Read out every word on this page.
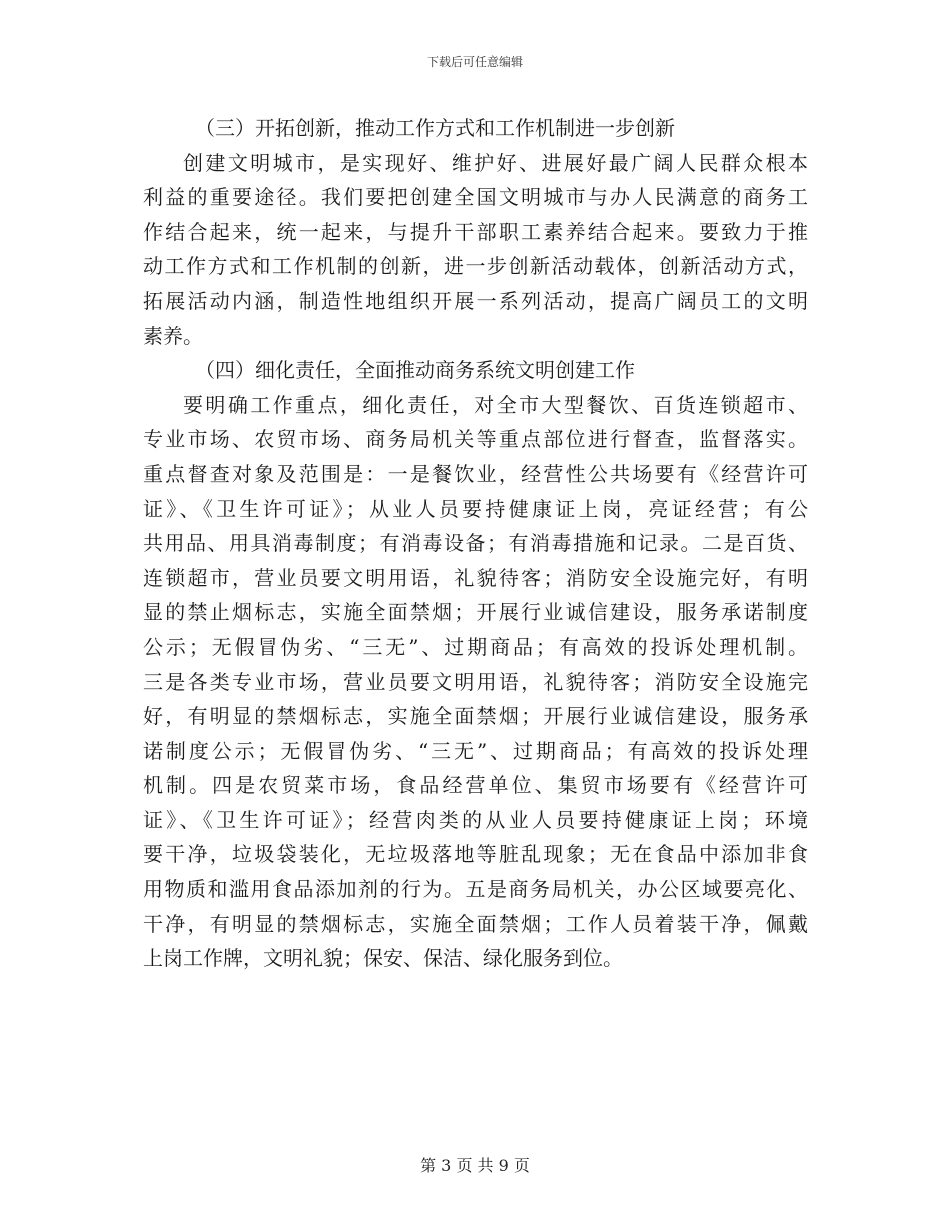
下载后可任意编辑
（三）开拓创新，推动工作方式和工作机制进一步创新
创建文明城市，是实现好、维护好、进展好最广阔人民群众根本
利益的重要途径。我们要把创建全国文明城市与办人民满意的商务工
作结合起来，统一起来，与提升干部职工素养结合起来。要致力于推
动工作方式和工作机制的创新，进一步创新活动载体，创新活动方式，
拓展活动内涵，制造性地组织开展一系列活动，提高广阔员工的文明
素养。
（四）细化责任，全面推动商务系统文明创建工作
要明确工作重点，细化责任，对全市大型餐饮、百货连锁超市、
专业市场、农贸市场、商务局机关等重点部位进行督查，监督落实。
重点督查对象及范围是：一是餐饮业，经营性公共场要有《经营许可
证》、《卫生许可证》；从业人员要持健康证上岗，亮证经营；有公
共用品、用具消毒制度；有消毒设备；有消毒措施和记录。二是百货、
连锁超市，营业员要文明用语，礼貌待客；消防安全设施完好，有明
显的禁止烟标志，实施全面禁烟；开展行业诚信建设，服务承诺制度
公示；无假冒伪劣、“三无”、过期商品；有高效的投诉处理机制。
三是各类专业市场，营业员要文明用语，礼貌待客；消防安全设施完
好，有明显的禁烟标志，实施全面禁烟；开展行业诚信建设，服务承
诺制度公示；无假冒伪劣、“三无”、过期商品；有高效的投诉处理
机制。四是农贸菜市场，食品经营单位、集贸市场要有《经营许可
证》、《卫生许可证》；经营肉类的从业人员要持健康证上岗；环境
要干净，垃圾袋装化，无垃圾落地等脏乱现象；无在食品中添加非食
用物质和滥用食品添加剂的行为。五是商务局机关，办公区域要亮化、
干净，有明显的禁烟标志，实施全面禁烟；工作人员着装干净，佩戴
上岗工作牌，文明礼貌；保安、保洁、绿化服务到位。
第 3 页 共 9 页
